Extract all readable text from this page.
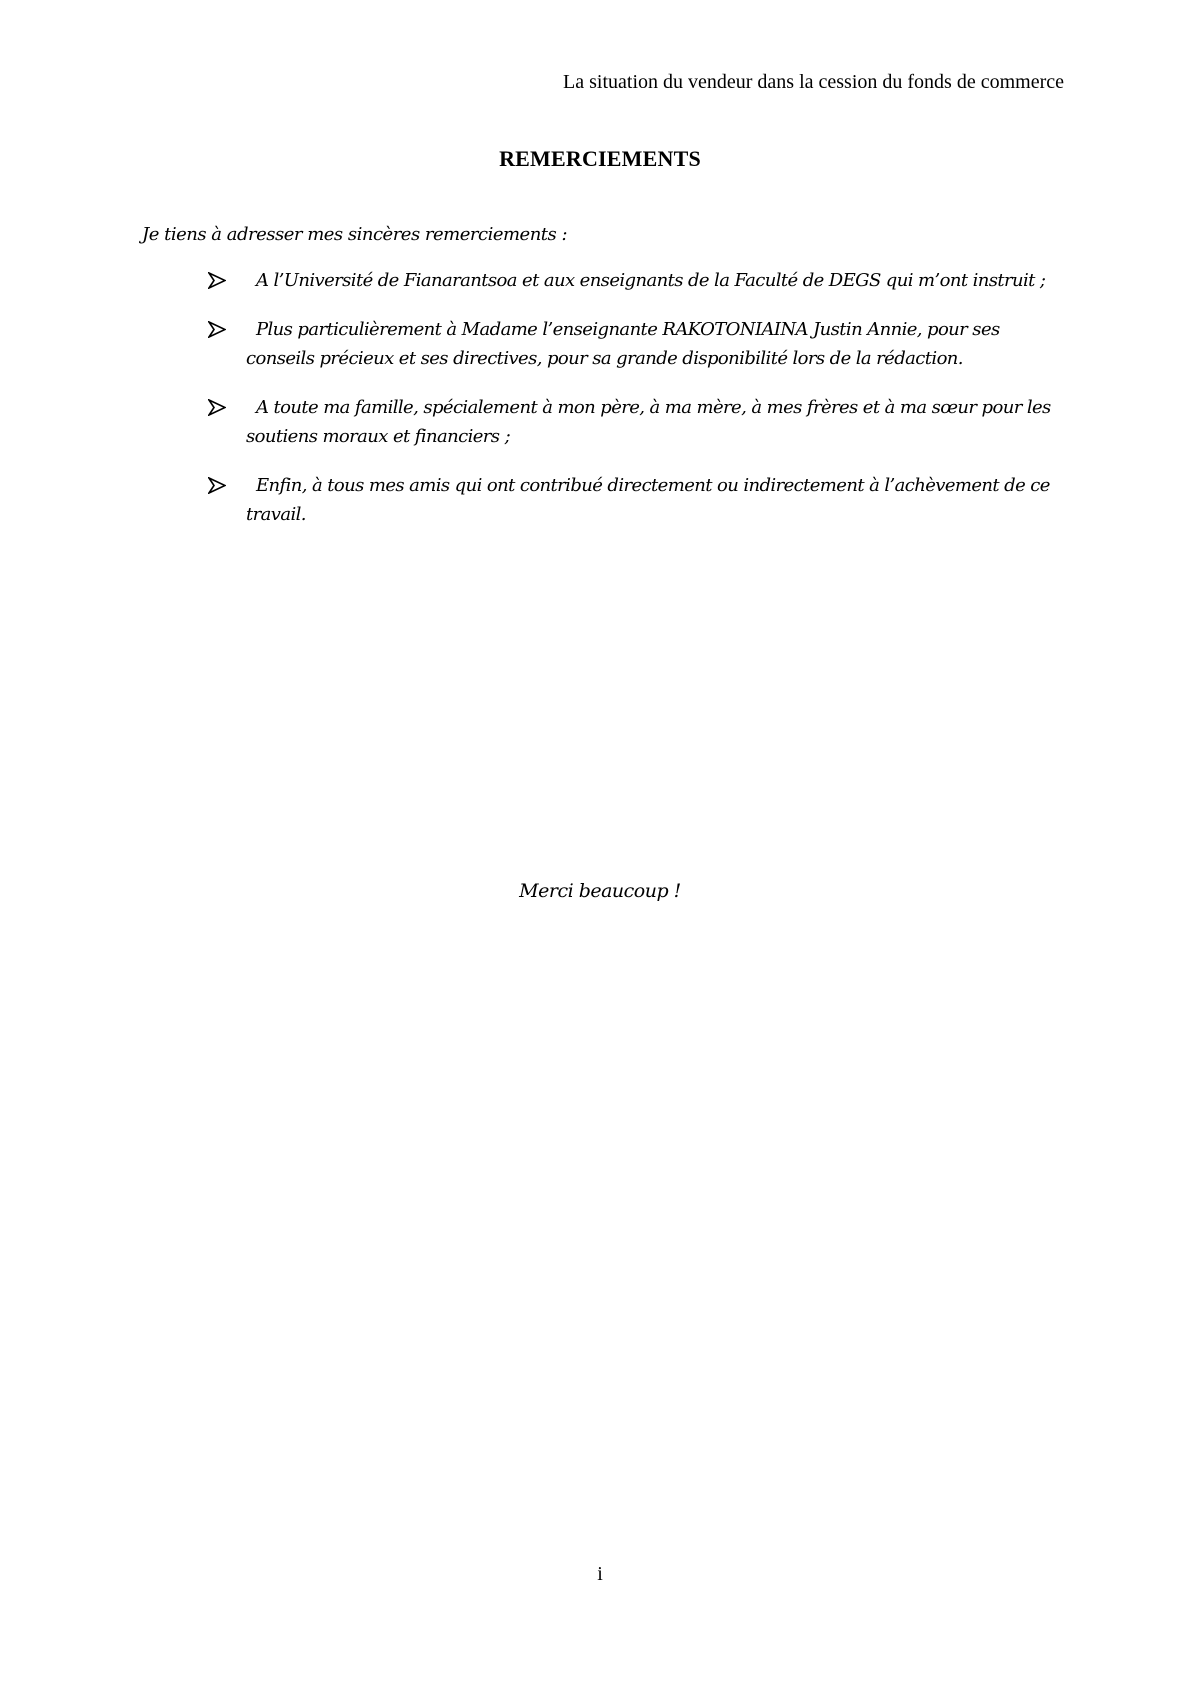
La situation du vendeur dans la cession du fonds de commerce
REMERCIEMENTS
Je tiens à adresser mes sincères remerciements :
A l’Université de Fianarantsoa et aux enseignants de la Faculté de DEGS qui m’ont instruit ;
Plus particulièrement à Madame l’enseignante RAKOTONIAINA Justin Annie, pour ses conseils précieux et ses directives, pour sa grande disponibilité lors de la rédaction.
A toute ma famille, spécialement à mon père, à ma mère, à mes frères et à ma sœur pour les soutiens moraux et financiers ;
Enfin, à tous mes amis qui ont contribué directement ou indirectement à l’achèvement de ce travail.
Merci beaucoup !
i
